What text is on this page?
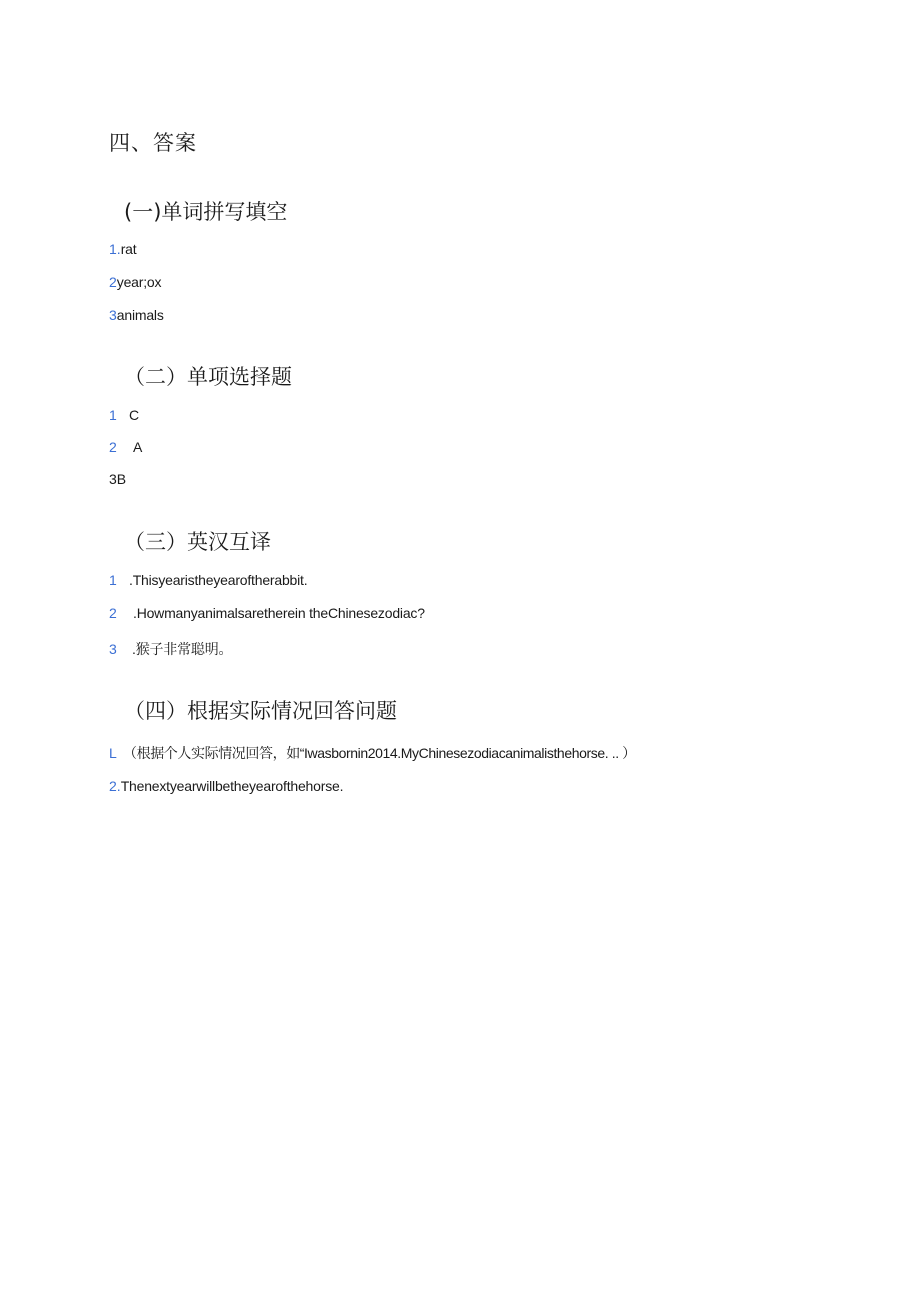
四、答案
(一)单词拼写填空
1.rat
2year;ox
3animals
（二）单项选择题
1 C
2 A
3B
（三）英汉互译
1 .Thisyearistheyearoftherabbit.
2 .Howmanyanimalsaretherein theChinesezodiac?
3 .猴子非常聪明。
（四）根据实际情况回答问题
L （根据个人实际情况回答，如“Iwasbornin2014.MyChinesezodiacanimalisthehorse. .. ）
2.Thenextyearwillbetheyearofthehorse.
